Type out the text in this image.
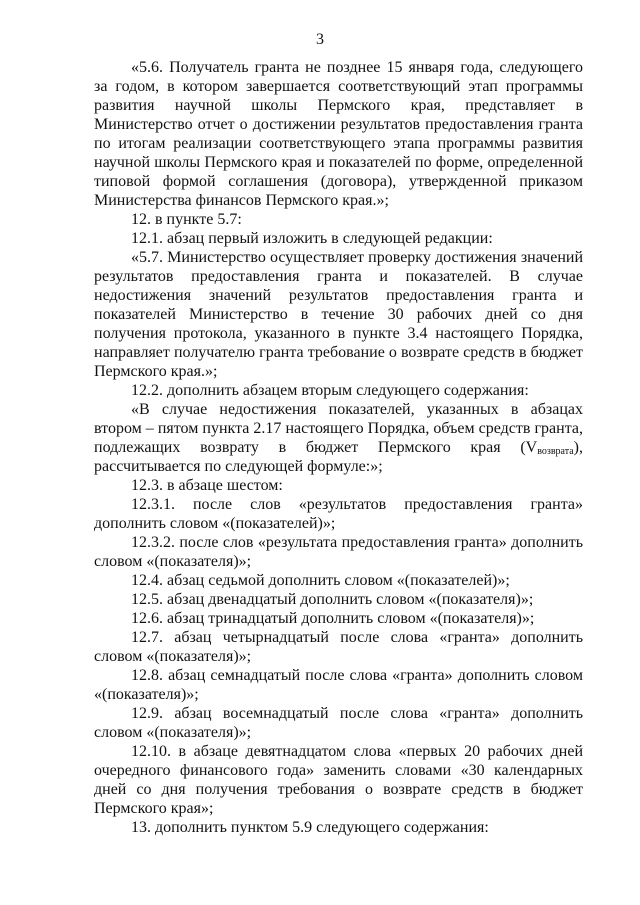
3

«5.6. Получатель гранта не позднее 15 января года, следующего за годом, в котором завершается соответствующий этап программы развития научной школы Пермского края, представляет в Министерство отчет о достижении результатов предоставления гранта по итогам реализации соответствующего этапа программы развития научной школы Пермского края и показателей по форме, определенной типовой формой соглашения (договора), утвержденной приказом Министерства финансов Пермского края.»;

12. в пункте 5.7:

12.1. абзац первый изложить в следующей редакции:

«5.7. Министерство осуществляет проверку достижения значений результатов предоставления гранта и показателей. В случае недостижения значений результатов предоставления гранта и показателей Министерство в течение 30 рабочих дней со дня получения протокола, указанного в пункте 3.4 настоящего Порядка, направляет получателю гранта требование о возврате средств в бюджет Пермского края.»;

12.2. дополнить абзацем вторым следующего содержания:

«В случае недостижения показателей, указанных в абзацах втором – пятом пункта 2.17 настоящего Порядка, объем средств гранта, подлежащих возврату в бюджет Пермского края $(V_{возврата})$, рассчитывается по следующей формуле:»;

12.3. в абзаце шестом:

12.3.1. после слов «результатов предоставления гранта» дополнить словом «(показателей)»;

12.3.2. после слов «результата предоставления гранта» дополнить словом «(показателя)»;

12.4. абзац седьмой дополнить словом «(показателей)»;

12.5. абзац двенадцатый дополнить словом «(показателя)»;

12.6. абзац тринадцатый дополнить словом «(показателя)»;

12.7. абзац четырнадцатый после слова «гранта» дополнить словом «(показателя)»;

12.8. абзац семнадцатый после слова «гранта» дополнить словом «(показателя)»;

12.9. абзац восемнадцатый после слова «гранта» дополнить словом «(показателя)»;

12.10. в абзаце девятнадцатом слова «первых 20 рабочих дней очередного финансового года» заменить словами «30 календарных дней со дня получения требования о возврате средств в бюджет Пермского края»;

13. дополнить пунктом 5.9 следующего содержания:
